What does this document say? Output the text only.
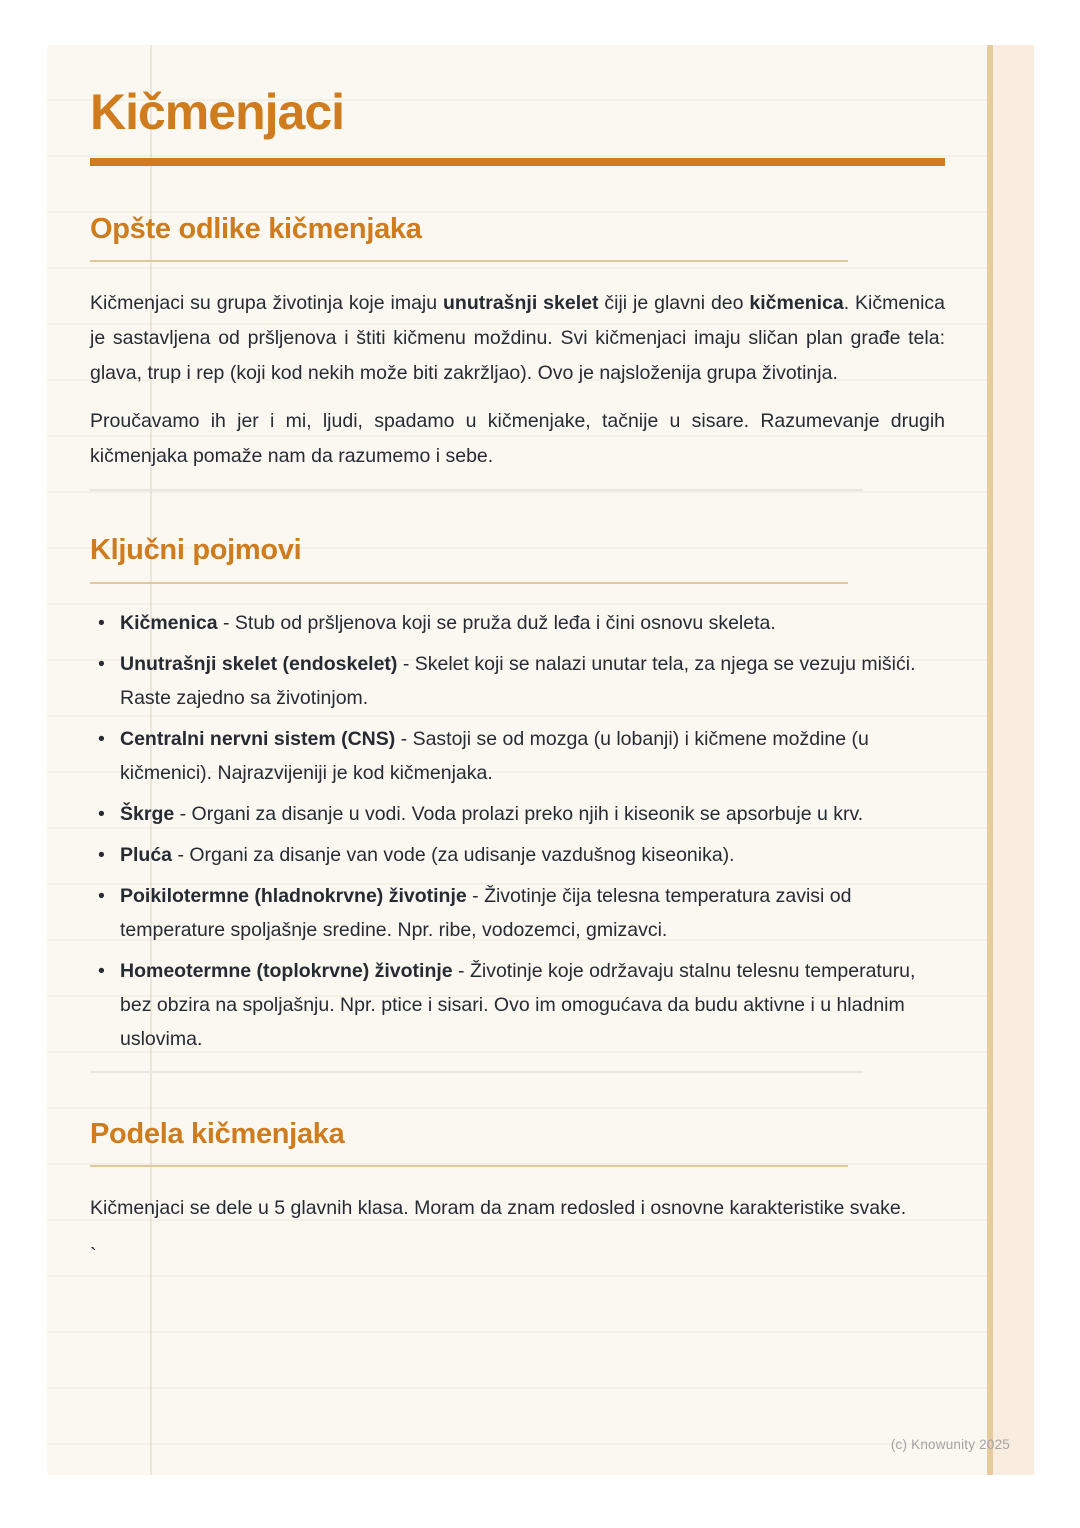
Kičmenjaci
Opšte odlike kičmenjaka

Kičmenjaci su grupa životinja koje imaju unutrašnji skelet čiji je glavni deo kičmenica. Kičmenica je sastavljena od pršljenova i štiti kičmenu moždinu. Svi kičmenjaci imaju sličan plan građe tela: glava, trup i rep (koji kod nekih može biti zakržljao). Ovo je najsloženija grupa životinja.

Proučavamo ih jer i mi, ljudi, spadamo u kičmenjake, tačnije u sisare. Razumevanje drugih kičmenjaka pomaže nam da razumemo i sebe.

Ključni pojmovi
• Kičmenica - Stub od pršljenova koji se pruža duž leđa i čini osnovu skeleta.
• Unutrašnji skelet (endoskelet) - Skelet koji se nalazi unutar tela, za njega se vezuju mišići. Raste zajedno sa životinjom.
• Centralni nervni sistem (CNS) - Sastoji se od mozga (u lobanji) i kičmene moždine (u kičmenici). Najrazvijeniji je kod kičmenjaka.
• Škrge - Organi za disanje u vodi. Voda prolazi preko njih i kiseonik se apsorbuje u krv.
• Pluća - Organi za disanje van vode (za udisanje vazdušnog kiseonika).
• Poikilotermne (hladnokrvne) životinje - Životinje čija telesna temperatura zavisi od temperature spoljašnje sredine. Npr. ribe, vodozemci, gmizavci.
• Homeotermne (toplokrvne) životinje - Životinje koje održavaju stalnu telesnu temperaturu, bez obzira na spoljašnju. Npr. ptice i sisari. Ovo im omogućava da budu aktivne i u hladnim uslovima.
Podela kičmenjaka

Kičmenjaci se dele u 5 glavnih klasa. Moram da znam redosled i osnovne karakteristike svake.

`
(c) Knowunity 2025
